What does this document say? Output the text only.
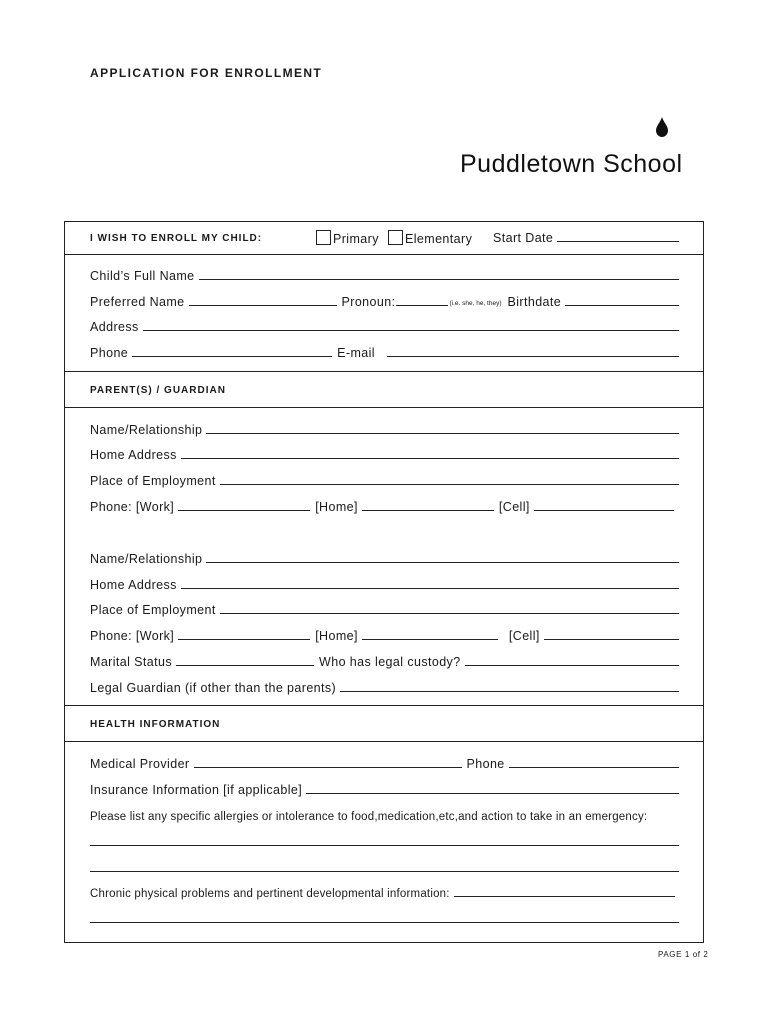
APPLICATION FOR ENROLLMENT
Puddletown School
I WISH TO ENROLL MY CHILD:	Primary	Elementary Start Date
Child’s Full Name
Preferred Name	Pronoun:	(i.e. she, he, they) Birthdate
Address
Phone	E-mail
PARENT(S) / GUARDIAN
Name/Relationship
Home Address
Place of Employment
Phone: [Work]	[Home]	[Cell]
Name/Relationship
Home Address
Place of Employment
Phone: [Work]	[Home]	[Cell]
Marital Status	Who has legal custody?
Legal Guardian (if other than the parents)
HEALTH INFORMATION
Medical Provider	Phone
Insurance Information [if applicable]
Please list any specific allergies or intolerance to food,medication,etc,and action to take in an emergency:
Chronic physical problems and pertinent developmental information:
PAGE 1 of 2
